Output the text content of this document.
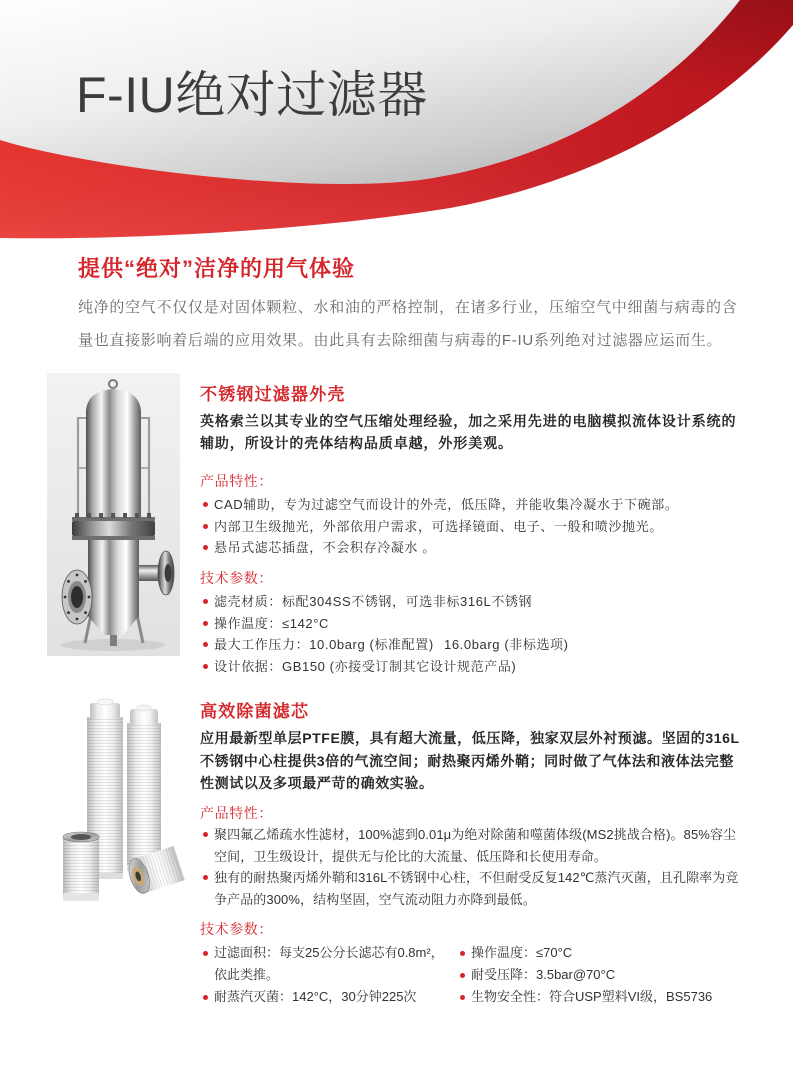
F-IU绝对过滤器
提供“绝对”洁净的用气体验
纯净的空气不仅仅是对固体颗粒、水和油的严格控制，在诸多行业，压缩空气中细菌与病毒的含量也直接影响着后端的应用效果。由此具有去除细菌与病毒的F-IU系列绝对过滤器应运而生。
不锈钢过滤器外壳
英格索兰以其专业的空气压缩处理经验，加之采用先进的电脑模拟流体设计系统的辅助，所设计的壳体结构品质卓越，外形美观。
产品特性：
CAD辅助，专为过滤空气而设计的外壳，低压降，并能收集冷凝水于下碗部。
内部卫生级抛光，外部依用户需求，可选择镜面、电子、一般和喷沙抛光。
悬吊式滤芯插盘，不会积存冷凝水 。
技术参数：
滤壳材质：标配304SS不锈钢，可选非标316L不锈钢
操作温度：≤142°C
最大工作压力：10.0barg (标准配置) 16.0barg (非标选项)
设计依据：GB150 (亦接受订制其它设计规范产品)
高效除菌滤芯
应用最新型单层PTFE膜，具有超大流量，低压降，独家双层外衬预滤。坚固的316L不锈钢中心柱提供3倍的气流空间；耐热聚丙烯外鞘；同时做了气体法和液体法完整性测试以及多项最严苛的确效实验。
产品特性：
聚四氟乙烯疏水性滤材，100%滤到0.01μ为绝对除菌和噬菌体级(MS2挑战合格)。85%容尘空间，卫生级设计，提供无与伦比的大流量、低压降和长使用寿命。
独有的耐热聚丙烯外鞘和316L不锈钢中心柱，不但耐受反复142℃蒸汽灭菌，且孔隙率为竞争产品的300%，结构坚固，空气流动阻力亦降到最低。
技术参数：
过滤面积：每支25公分长滤芯有0.8m²，依此类推。
耐蒸汽灭菌：142°C，30分钟225次
操作温度：≤70°C
耐受压降：3.5bar@70°C
生物安全性：符合USP塑料VI级，BS5736
